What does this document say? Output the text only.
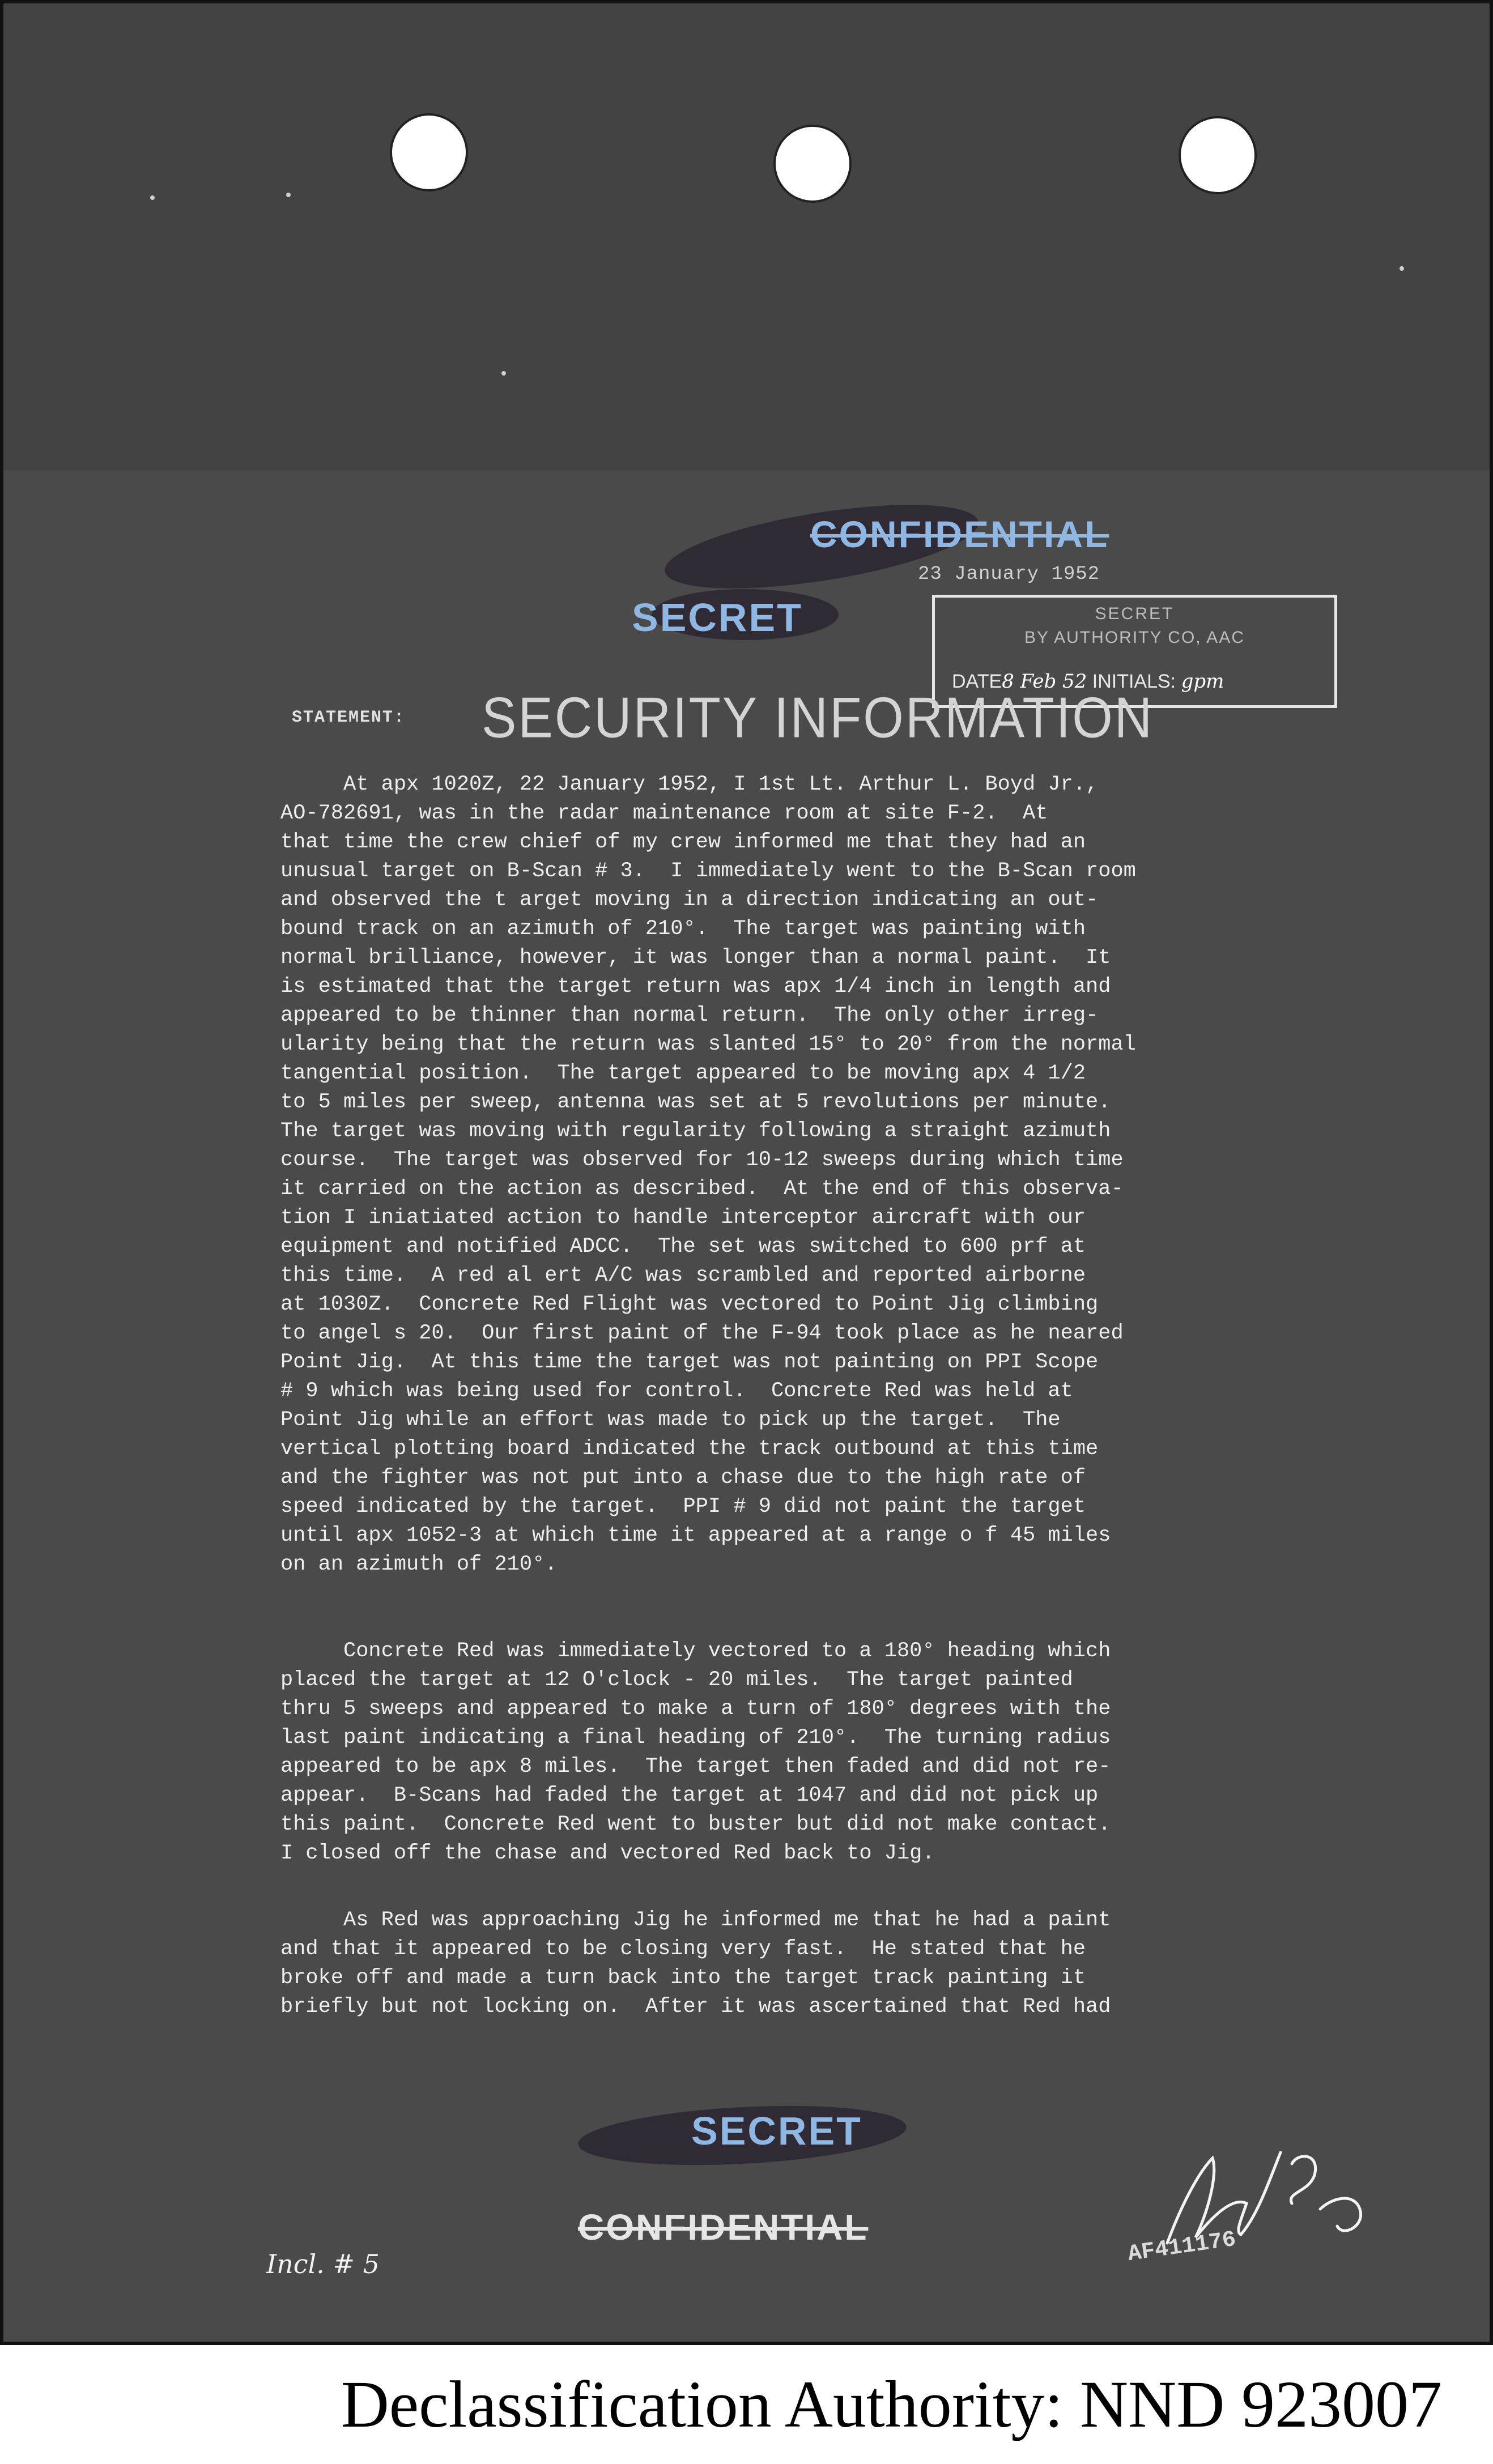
CONFIDENTIAL
SECRET
23 January 1952
SECRET
BY AUTHORITY CO, AAC
DATE8 Feb 52 INITIALS: gpm
STATEMENT: SECURITY INFORMATION
At apx 1020Z, 22 January 1952, I 1st Lt. Arthur L. Boyd Jr.,
AO-782691, was in the radar maintenance room at site F-2.  At
that time the crew chief of my crew informed me that they had an
unusual target on B-Scan # 3.  I immediately went to the B-Scan room
and observed the t arget moving in a direction indicating an out-
bound track on an azimuth of 210°.  The target was painting with
normal brilliance, however, it was longer than a normal paint.  It
is estimated that the target return was apx 1/4 inch in length and
appeared to be thinner than normal return.  The only other irreg-
ularity being that the return was slanted 15° to 20° from the normal
tangential position.  The target appeared to be moving apx 4 1/2
to 5 miles per sweep, antenna was set at 5 revolutions per minute.
The target was moving with regularity following a straight azimuth
course.  The target was observed for 10-12 sweeps during which time
it carried on the action as described.  At the end of this observa-
tion I iniatiated action to handle interceptor aircraft with our
equipment and notified ADCC.  The set was switched to 600 prf at
this time.  A red al ert A/C was scrambled and reported airborne
at 1030Z.  Concrete Red Flight was vectored to Point Jig climbing
to angel s 20.  Our first paint of the F-94 took place as he neared
Point Jig.  At this time the target was not painting on PPI Scope
# 9 which was being used for control.  Concrete Red was held at
Point Jig while an effort was made to pick up the target.  The
vertical plotting board indicated the track outbound at this time
and the fighter was not put into a chase due to the high rate of
speed indicated by the target.  PPI # 9 did not paint the target
until apx 1052-3 at which time it appeared at a range o f 45 miles
on an azimuth of 210°.
Concrete Red was immediately vectored to a 180° heading which
placed the target at 12 O'clock - 20 miles.  The target painted
thru 5 sweeps and appeared to make a turn of 180° degrees with the
last paint indicating a final heading of 210°.  The turning radius
appeared to be apx 8 miles.  The target then faded and did not re-
appear.  B-Scans had faded the target at 1047 and did not pick up
this paint.  Concrete Red went to buster but did not make contact.
I closed off the chase and vectored Red back to Jig.
As Red was approaching Jig he informed me that he had a paint
and that it appeared to be closing very fast.  He stated that he
broke off and made a turn back into the target track painting it
briefly but not locking on.  After it was ascertained that Red had
SECRET
CONFIDENTIAL
Incl. # 5	AF411176
Declassification Authority: NND 923007
